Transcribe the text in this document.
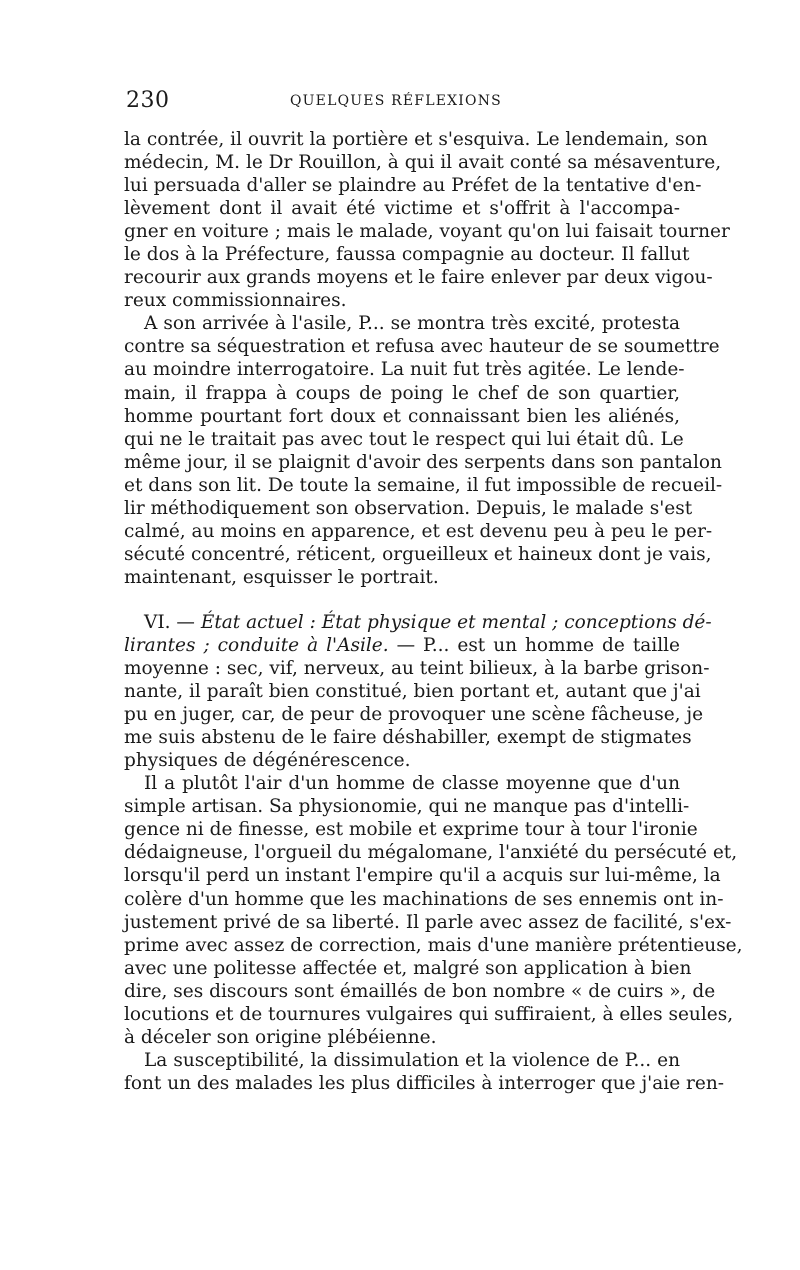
230	QUELQUES RÉFLEXIONS
la contrée, il ouvrit la portière et s'esquiva. Le lendemain, son
médecin, M. le Dr Rouillon, à qui il avait conté sa mésaventure,
lui persuada d'aller se plaindre au Préfet de la tentative d'en-
lèvement dont il avait été victime et s'offrit à l'accompa-
gner en voiture ; mais le malade, voyant qu'on lui faisait tourner
le dos à la Préfecture, faussa compagnie au docteur. Il fallut
recourir aux grands moyens et le faire enlever par deux vigou-
reux commissionnaires.
A son arrivée à l'asile, P... se montra très excité, protesta
contre sa séquestration et refusa avec hauteur de se soumettre
au moindre interrogatoire. La nuit fut très agitée. Le lende-
main, il frappa à coups de poing le chef de son quartier,
homme pourtant fort doux et connaissant bien les aliénés,
qui ne le traitait pas avec tout le respect qui lui était dû. Le
même jour, il se plaignit d'avoir des serpents dans son pantalon
et dans son lit. De toute la semaine, il fut impossible de recueil-
lir méthodiquement son observation. Depuis, le malade s'est
calmé, au moins en apparence, et est devenu peu à peu le per-
sécuté concentré, réticent, orgueilleux et haineux dont je vais,
maintenant, esquisser le portrait.
VI. — État actuel : État physique et mental ; conceptions dé-
lirantes ; conduite à l'Asile. — P... est un homme de taille
moyenne : sec, vif, nerveux, au teint bilieux, à la barbe grison-
nante, il paraît bien constitué, bien portant et, autant que j'ai
pu en juger, car, de peur de provoquer une scène fâcheuse, je
me suis abstenu de le faire déshabiller, exempt de stigmates
physiques de dégénérescence.
Il a plutôt l'air d'un homme de classe moyenne que d'un
simple artisan. Sa physionomie, qui ne manque pas d'intelli-
gence ni de finesse, est mobile et exprime tour à tour l'ironie
dédaigneuse, l'orgueil du mégalomane, l'anxiété du persécuté et,
lorsqu'il perd un instant l'empire qu'il a acquis sur lui-même, la
colère d'un homme que les machinations de ses ennemis ont in-
justement privé de sa liberté. Il parle avec assez de facilité, s'ex-
prime avec assez de correction, mais d'une manière prétentieuse,
avec une politesse affectée et, malgré son application à bien
dire, ses discours sont émaillés de bon nombre « de cuirs », de
locutions et de tournures vulgaires qui suffiraient, à elles seules,
à déceler son origine plébéienne.
La susceptibilité, la dissimulation et la violence de P... en
font un des malades les plus difficiles à interroger que j'aie ren-
